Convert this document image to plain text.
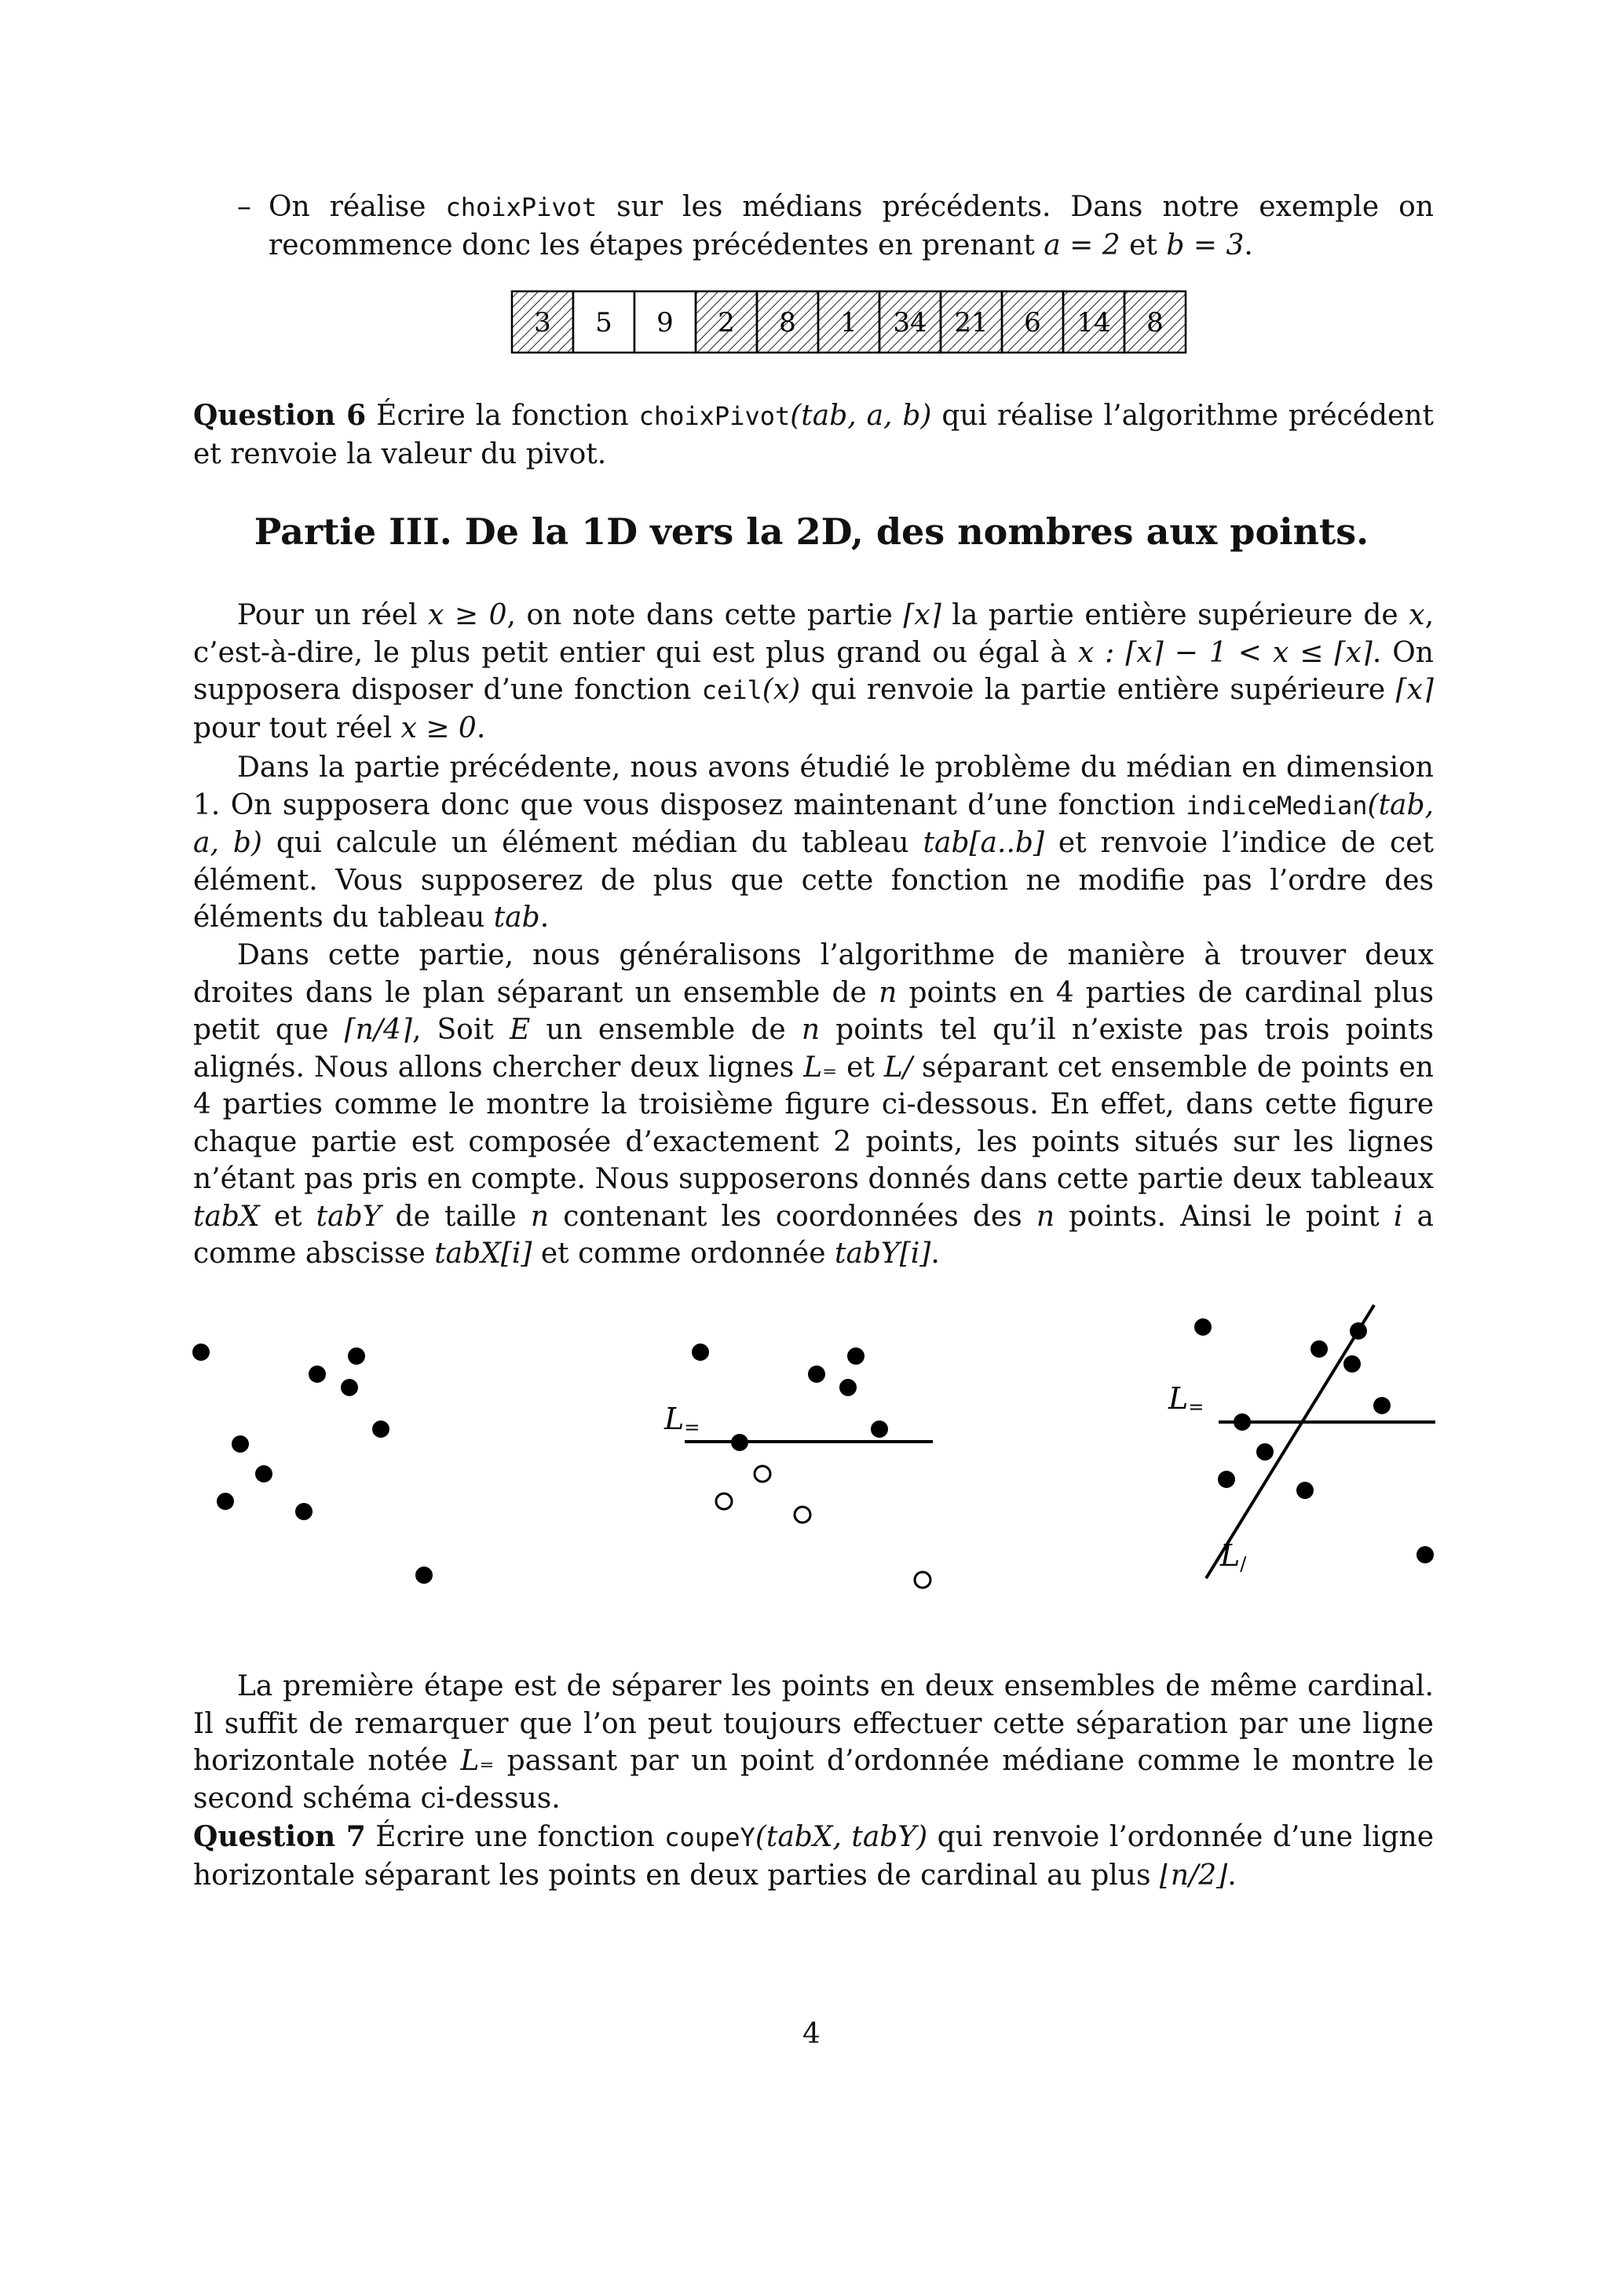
– On réalise choixPivot sur les médians précédents. Dans notre exemple on recommence donc les étapes précédentes en prenant a = 2 et b = 3.
3 5 9 2 8 1 34 21 6 14 8
Question 6 Écrire la fonction choixPivot(tab, a, b) qui réalise l’algorithme précédent et renvoie la valeur du pivot.
Partie III. De la 1D vers la 2D, des nombres aux points.
Pour un réel x ≥ 0, on note dans cette partie ⌈x⌉ la partie entière supérieure de x, c’est-à-dire, le plus petit entier qui est plus grand ou égal à x : ⌈x⌉ − 1 < x ≤ ⌈x⌉. On supposera disposer d’une fonction ceil(x) qui renvoie la partie entière supérieure ⌈x⌉ pour tout réel x ≥ 0.
Dans la partie précédente, nous avons étudié le problème du médian en dimension 1. On supposera donc que vous disposez maintenant d’une fonction indiceMedian(tab, a, b) qui calcule un élément médian du tableau tab[a..b] et renvoie l’indice de cet élément. Vous supposerez de plus que cette fonction ne modifie pas l’ordre des éléments du tableau tab.
Dans cette partie, nous généralisons l’algorithme de manière à trouver deux droites dans le plan séparant un ensemble de n points en 4 parties de cardinal plus petit que ⌈n/4⌉, Soit E un ensemble de n points tel qu’il n’existe pas trois points alignés. Nous allons chercher deux lignes L₌ et L/ séparant cet ensemble de points en 4 parties comme le montre la troisième figure ci-dessous. En effet, dans cette figure chaque partie est composée d’exactement 2 points, les points situés sur les lignes n’étant pas pris en compte. Nous supposerons donnés dans cette partie deux tableaux tabX et tabY de taille n contenant les coordonnées des n points. Ainsi le point i a comme abscisse tabX[i] et comme ordonnée tabY[i].
L=
L=
L/
La première étape est de séparer les points en deux ensembles de même cardinal. Il suffit de remarquer que l’on peut toujours effectuer cette séparation par une ligne horizontale notée L₌ passant par un point d’ordonnée médiane comme le montre le second schéma ci-dessus.
Question 7 Écrire une fonction coupeY(tabX, tabY) qui renvoie l’ordonnée d’une ligne horizontale séparant les points en deux parties de cardinal au plus ⌊n/2⌋.
4
